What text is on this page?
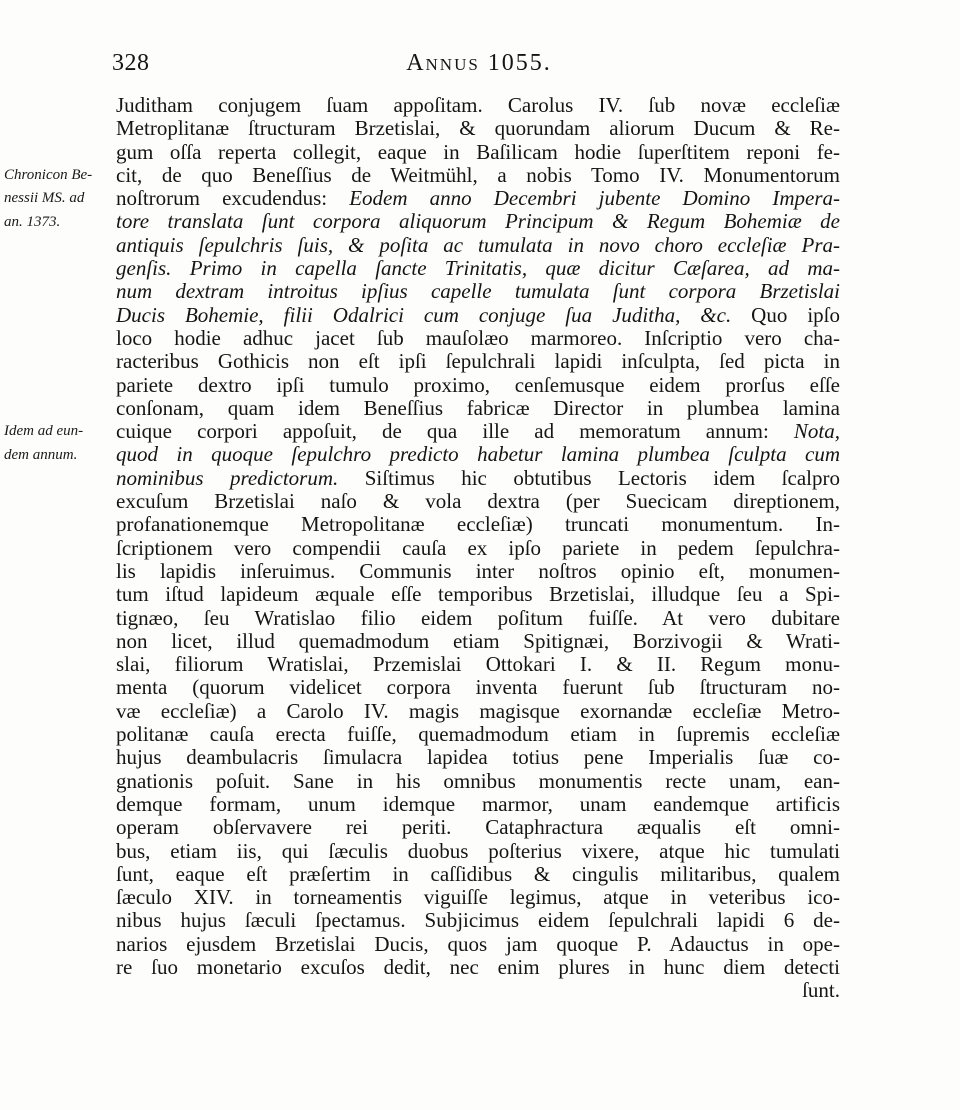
328	Annus 1055.
Chronicon Be-
nessii MS. ad
an. 1373.
Idem ad eun-
dem annum.
Juditham conjugem ſuam appoſitam. Carolus IV. ſub novæ eccleſiæ
Metroplitanæ ſtructuram Brzetislai, & quorundam aliorum Ducum & Re-
gum oſſa reperta collegit, eaque in Baſilicam hodie ſuperſtitem reponi fe-
cit, de quo Beneſſius de Weitmühl, a nobis Tomo IV. Monumentorum
noſtrorum excudendus: Eodem anno Decembri jubente Domino Impera-
tore translata ſunt corpora aliquorum Principum & Regum Bohemiæ de
antiquis ſepulchris ſuis, & poſita ac tumulata in novo choro eccleſiæ Pra-
genſis. Primo in capella ſancte Trinitatis, quæ dicitur Cæſarea, ad ma-
num dextram introitus ipſius capelle tumulata ſunt corpora Brzetislai
Ducis Bohemie, filii Odalrici cum conjuge ſua Juditha, &c. Quo ipſo
loco hodie adhuc jacet ſub mauſolæo marmoreo. Inſcriptio vero cha-
racteribus Gothicis non eſt ipſi ſepulchrali lapidi inſculpta, ſed picta in
pariete dextro ipſi tumulo proximo, cenſemusque eidem prorſus eſſe
conſonam, quam idem Beneſſius fabricæ Director in plumbea lamina
cuique corpori appoſuit, de qua ille ad memoratum annum: Nota,
quod in quoque ſepulchro predicto habetur lamina plumbea ſculpta cum
nominibus predictorum. Siſtimus hic obtutibus Lectoris idem ſcalpro
excuſum Brzetislai naſo & vola dextra (per Suecicam direptionem,
profanationemque Metropolitanæ eccleſiæ) truncati monumentum. In-
ſcriptionem vero compendii cauſa ex ipſo pariete in pedem ſepulchra-
lis lapidis inſeruimus. Communis inter noſtros opinio eſt, monumen-
tum iſtud lapideum æquale eſſe temporibus Brzetislai, illudque ſeu a Spi-
tignæo, ſeu Wratislao filio eidem poſitum fuiſſe. At vero dubitare
non licet, illud quemadmodum etiam Spitignæi, Borzivogii & Wrati-
slai, filiorum Wratislai, Przemislai Ottokari I. & II. Regum monu-
menta (quorum videlicet corpora inventa fuerunt ſub ſtructuram no-
væ eccleſiæ) a Carolo IV. magis magisque exornandæ eccleſiæ Metro-
politanæ cauſa erecta fuiſſe, quemadmodum etiam in ſupremis eccleſiæ
hujus deambulacris ſimulacra lapidea totius pene Imperialis ſuæ co-
gnationis poſuit. Sane in his omnibus monumentis recte unam, ean-
demque formam, unum idemque marmor, unam eandemque artificis
operam obſervavere rei periti. Cataphractura æqualis eſt omni-
bus, etiam iis, qui ſæculis duobus poſterius vixere, atque hic tumulati
ſunt, eaque eſt præſertim in caſſidibus & cingulis militaribus, qualem
ſæculo XIV. in torneamentis viguiſſe legimus, atque in veteribus ico-
nibus hujus ſæculi ſpectamus. Subjicimus eidem ſepulchrali lapidi 6 de-
narios ejusdem Brzetislai Ducis, quos jam quoque P. Adauctus in ope-
re ſuo monetario excuſos dedit, nec enim plures in hunc diem detecti
ſunt.
